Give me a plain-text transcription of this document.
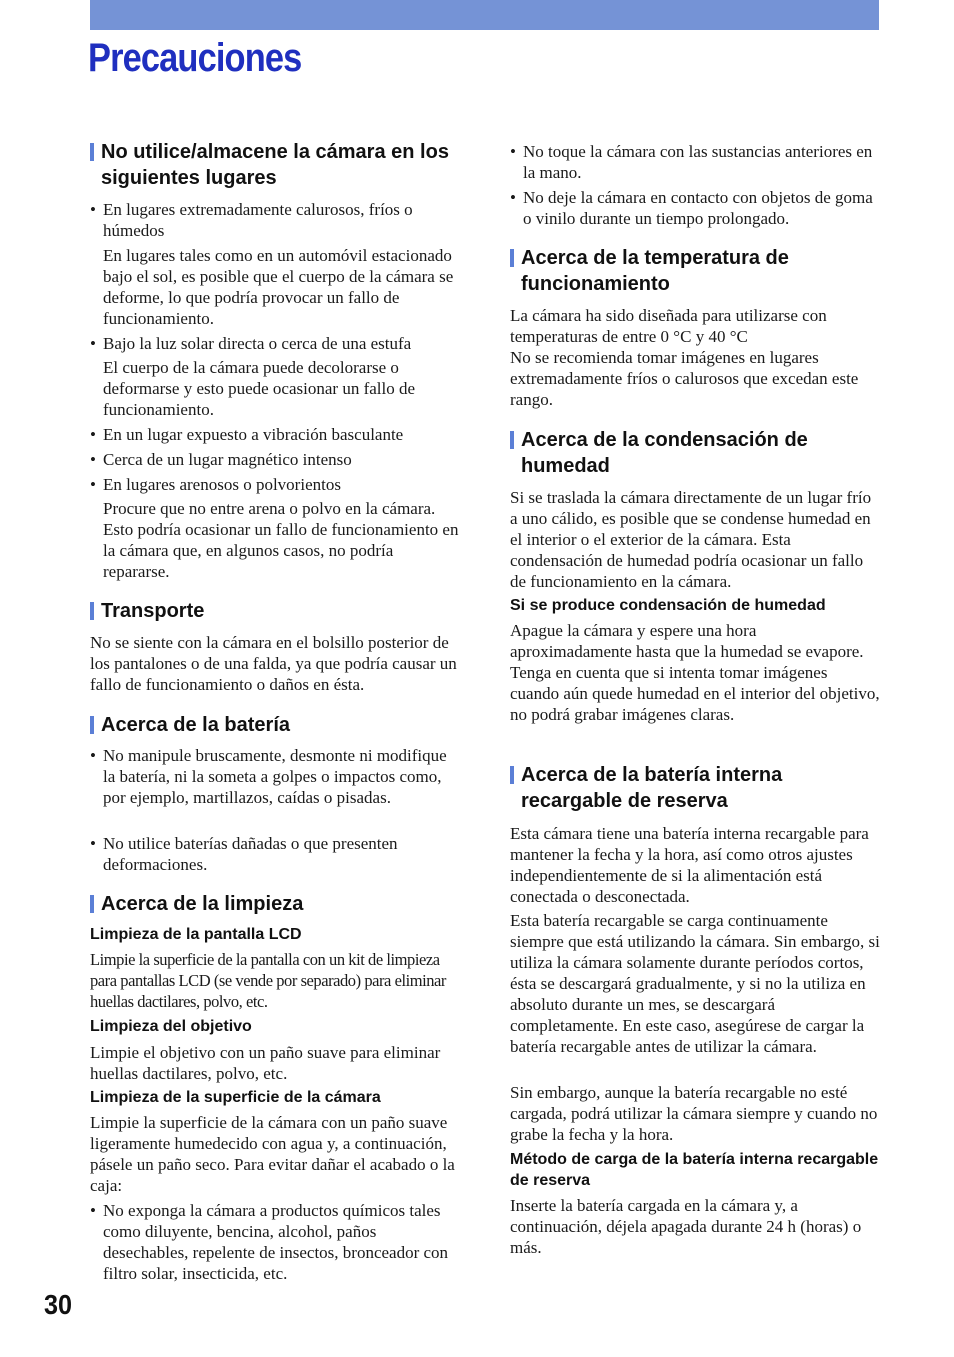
Precauciones
No utilice/almacene la cámara en los siguientes lugares

• En lugares extremadamente calurosos, fríos o húmedos

En lugares tales como en un automóvil estacionado bajo el sol, es posible que el cuerpo de la cámara se deforme, lo que podría provocar un fallo de funcionamiento.

• Bajo la luz solar directa o cerca de una estufa

El cuerpo de la cámara puede decolorarse o deformarse y esto puede ocasionar un fallo de funcionamiento.

• En un lugar expuesto a vibración basculante

• Cerca de un lugar magnético intenso

• En lugares arenosos o polvorientos

Procure que no entre arena o polvo en la cámara. Esto podría ocasionar un fallo de funcionamiento en la cámara que, en algunos casos, no podría repararse.

Transporte

No se siente con la cámara en el bolsillo posterior de los pantalones o de una falda, ya que podría causar un fallo de funcionamiento o daños en ésta.

Acerca de la batería

• No manipule bruscamente, desmonte ni modifique la batería, ni la someta a golpes o impactos como, por ejemplo, martillazos, caídas o pisadas.

• No utilice baterías dañadas o que presenten deformaciones.

Acerca de la limpieza
Limpieza de la pantalla LCD

Limpie la superficie de la pantalla con un kit de limpieza para pantallas LCD (se vende por separado) para eliminar huellas dactilares, polvo, etc.

Limpieza del objetivo

Limpie el objetivo con un paño suave para eliminar huellas dactilares, polvo, etc.

Limpieza de la superficie de la cámara

Limpie la superficie de la cámara con un paño suave ligeramente humedecido con agua y, a continuación, pásele un paño seco. Para evitar dañar el acabado o la caja:

• No exponga la cámara a productos químicos tales como diluyente, bencina, alcohol, paños desechables, repelente de insectos, bronceador con filtro solar, insecticida, etc.

• No toque la cámara con las sustancias anteriores en la mano.

• No deje la cámara en contacto con objetos de goma o vinilo durante un tiempo prolongado.

Acerca de la temperatura de funcionamiento

La cámara ha sido diseñada para utilizarse con temperaturas de entre 0 °C y 40 °C

No se recomienda tomar imágenes en lugares extremadamente fríos o calurosos que excedan este rango.

Acerca de la condensación de humedad

Si se traslada la cámara directamente de un lugar frío a uno cálido, es posible que se condense humedad en el interior o el exterior de la cámara. Esta condensación de humedad podría ocasionar un fallo de funcionamiento en la cámara.

Si se produce condensación de humedad

Apague la cámara y espere una hora aproximadamente hasta que la humedad se evapore. Tenga en cuenta que si intenta tomar imágenes cuando aún quede humedad en el interior del objetivo, no podrá grabar imágenes claras.

Acerca de la batería interna recargable de reserva

Esta cámara tiene una batería interna recargable para mantener la fecha y la hora, así como otros ajustes independientemente de si la alimentación está conectada o desconectada.

Esta batería recargable se carga continuamente siempre que está utilizando la cámara. Sin embargo, si utiliza la cámara solamente durante períodos cortos, ésta se descargará gradualmente, y si no la utiliza en absoluto durante un mes, se descargará completamente. En este caso, asegúrese de cargar la batería recargable antes de utilizar la cámara.

Sin embargo, aunque la batería recargable no esté cargada, podrá utilizar la cámara siempre y cuando no grabe la fecha y la hora.

Método de carga de la batería interna recargable de reserva

Inserte la batería cargada en la cámara y, a continuación, déjela apagada durante 24 h (horas) o más.

30
